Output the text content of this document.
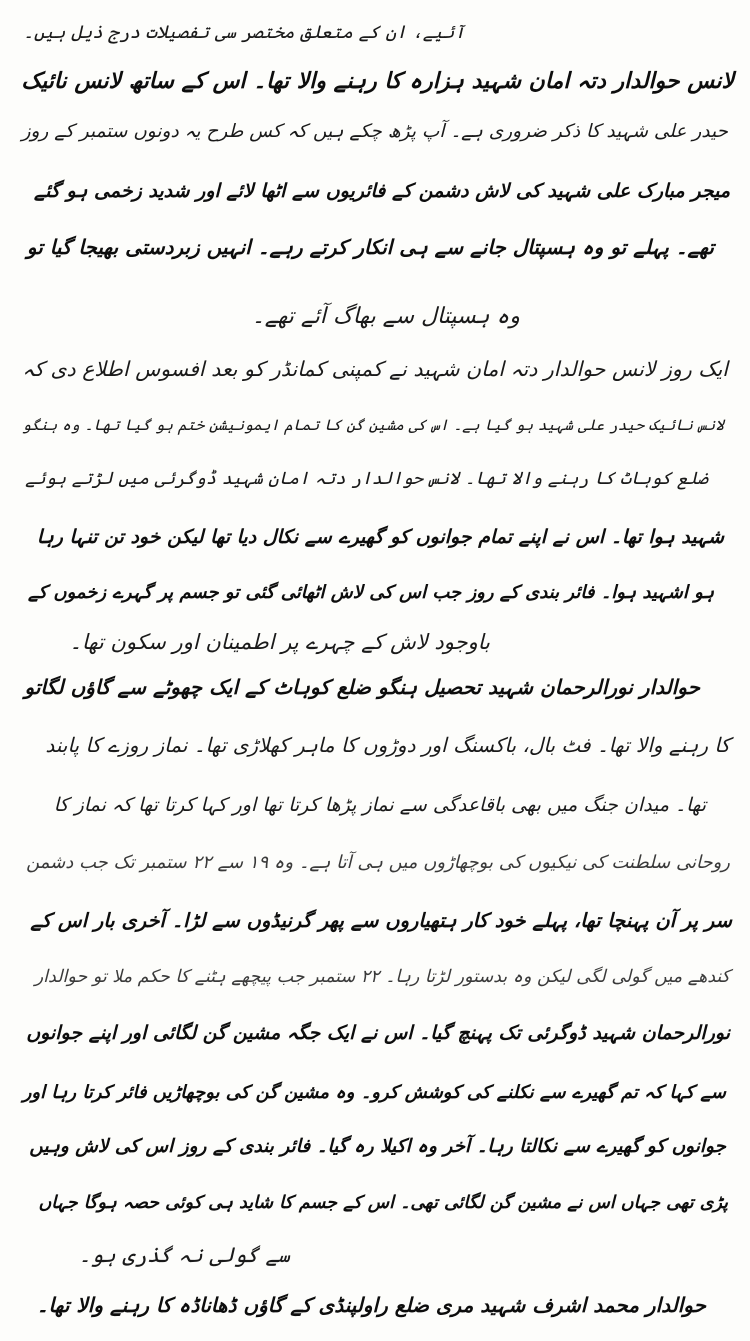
آئیے، ان کے متعلق مختصر سی تفصیلات درج ذیل ہیں۔
لانس حوالدار دتہ امان شہید ہزارہ کا رہنے والا تھا۔ اس کے ساتھ لانس نائیک
حیدر علی شہید کا ذکر ضروری ہے۔ آپ پڑھ چکے ہیں کہ کس طرح یہ دونوں ستمبر کے روز
میجر مبارک علی شہید کی لاش دشمن کے فائریوں سے اٹھا لائے اور شدید زخمی ہو گئے
تھے۔ پہلے تو وہ ہسپتال جانے سے ہی انکار کرتے رہے۔ انہیں زبردستی بھیجا گیا تو
وہ ہسپتال سے بھاگ آئے تھے۔
ایک روز لانس حوالدار دتہ امان شہید نے کمپنی کمانڈر کو بعد افسوس اطلاع دی کہ
لانس نائیک حیدر علی شہید ہو گیا ہے۔ اس کی مشین گن کا تمام ایمونیشن ختم ہو گیا تھا۔ وہ ہنگو
ضلع کوہاٹ کا رہنے والا تھا۔ لانس حوالدار دتہ امان شہید ڈوگرئی میں لڑتے ہوئے
شہید ہوا تھا۔ اس نے اپنے تمام جوانوں کو گھیرے سے نکال دیا تھا لیکن خود تن تنہا رہا
ہو اشہید ہوا۔ فائر بندی کے روز جب اس کی لاش اٹھائی گئی تو جسم پر گہرے زخموں کے
باوجود لاش کے چہرے پر اطمینان اور سکون تھا۔
حوالدار نورالرحمان شہید تحصیل ہنگو ضلع کوہاٹ کے ایک چھوٹے سے گاؤں لگاتو
کا رہنے والا تھا۔ فٹ بال، باکسنگ اور دوڑوں کا ماہر کھلاڑی تھا۔ نماز روزے کا پابند
تھا۔ میدان جنگ میں بھی باقاعدگی سے نماز پڑھا کرتا تھا اور کہا کرتا تھا کہ نماز کا
روحانی سلطنت کی نیکیوں کی بوچھاڑوں میں ہی آتا ہے۔ وہ ۱۹ سے ۲۲ ستمبر تک جب دشمن
سر پر آن پہنچا تھا، پہلے خود کار ہتھیاروں سے پھر گرنیڈوں سے لڑا۔ آخری بار اس کے
کندھے میں گولی لگی لیکن وہ بدستور لڑتا رہا۔ ۲۲ ستمبر جب پیچھے ہٹنے کا حکم ملا تو حوالدار
نورالرحمان شہید ڈوگرئی تک پہنچ گیا۔ اس نے ایک جگہ مشین گن لگائی اور اپنے جوانوں
سے کہا کہ تم گھیرے سے نکلنے کی کوشش کرو۔ وہ مشین گن کی بوچھاڑیں فائر کرتا رہا اور
جوانوں کو گھیرے سے نکالتا رہا۔ آخر وہ اکیلا رہ گیا۔ فائر بندی کے روز اس کی لاش وہیں
پڑی تھی جہاں اس نے مشین گن لگائی تھی۔ اس کے جسم کا شاید ہی کوئی حصہ ہوگا جہاں
سے گولی نہ گذری ہو۔
حوالدار محمد اشرف شہید مری ضلع راولپنڈی کے گاؤں ڈھاناڈہ کا رہنے والا تھا۔
